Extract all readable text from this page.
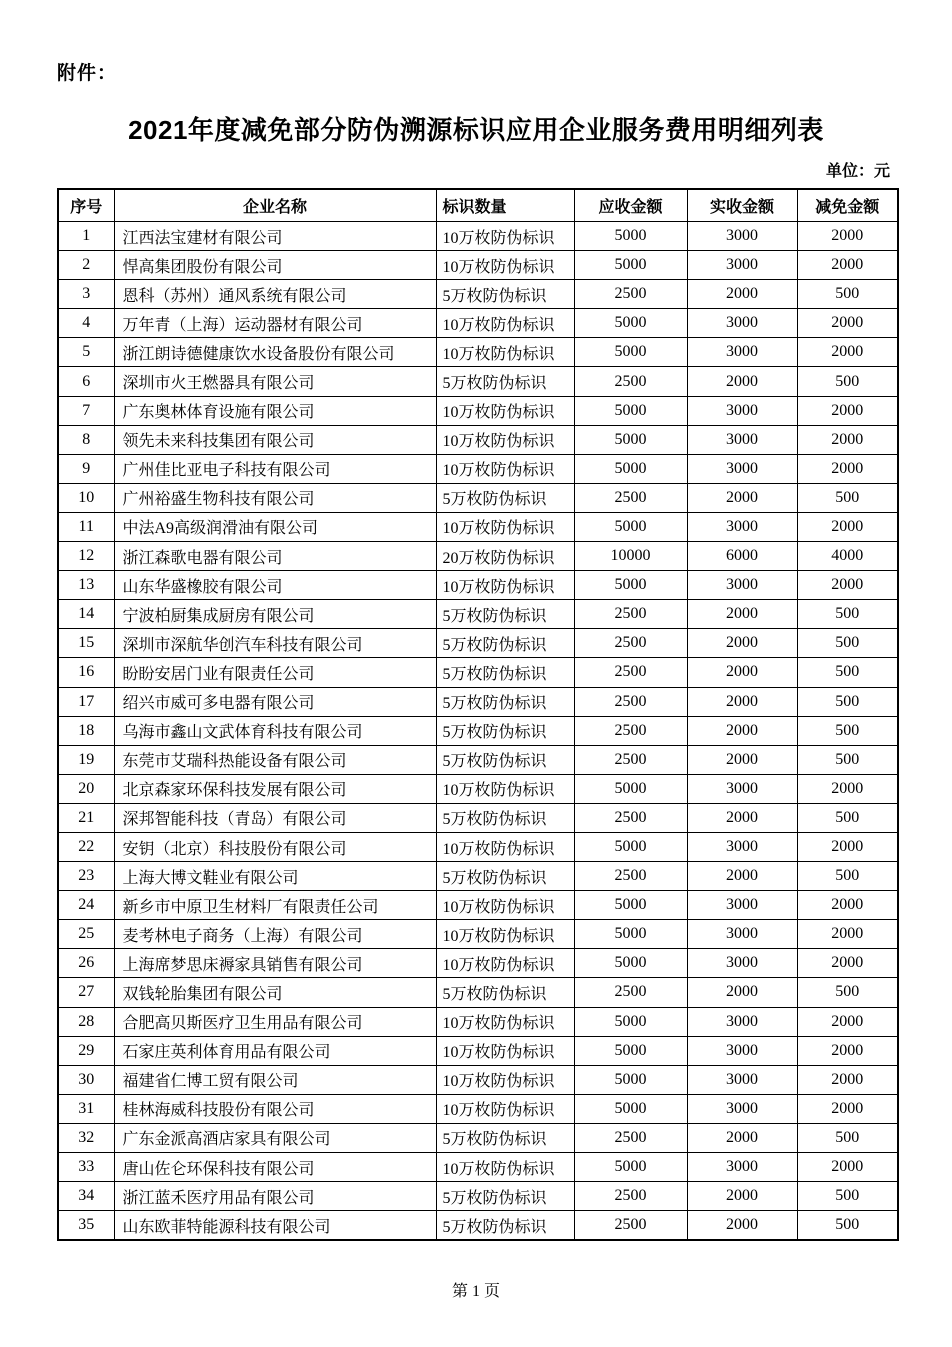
附件：
2021年度减免部分防伪溯源标识应用企业服务费用明细列表
单位：元
序号	企业名称	标识数量	应收金额	实收金额	减免金额
1	江西法宝建材有限公司	10万枚防伪标识	5000	3000	2000
2	悍高集团股份有限公司	10万枚防伪标识	5000	3000	2000
3	恩科（苏州）通风系统有限公司	5万枚防伪标识	2500	2000	500
4	万年青（上海）运动器材有限公司	10万枚防伪标识	5000	3000	2000
5	浙江朗诗德健康饮水设备股份有限公司	10万枚防伪标识	5000	3000	2000
6	深圳市火王燃器具有限公司	5万枚防伪标识	2500	2000	500
7	广东奥林体育设施有限公司	10万枚防伪标识	5000	3000	2000
8	领先未来科技集团有限公司	10万枚防伪标识	5000	3000	2000
9	广州佳比亚电子科技有限公司	10万枚防伪标识	5000	3000	2000
10	广州裕盛生物科技有限公司	5万枚防伪标识	2500	2000	500
11	中法A9高级润滑油有限公司	10万枚防伪标识	5000	3000	2000
12	浙江森歌电器有限公司	20万枚防伪标识	10000	6000	4000
13	山东华盛橡胶有限公司	10万枚防伪标识	5000	3000	2000
14	宁波柏厨集成厨房有限公司	5万枚防伪标识	2500	2000	500
15	深圳市深航华创汽车科技有限公司	5万枚防伪标识	2500	2000	500
16	盼盼安居门业有限责任公司	5万枚防伪标识	2500	2000	500
17	绍兴市威可多电器有限公司	5万枚防伪标识	2500	2000	500
18	乌海市鑫山文武体育科技有限公司	5万枚防伪标识	2500	2000	500
19	东莞市艾瑞科热能设备有限公司	5万枚防伪标识	2500	2000	500
20	北京森家环保科技发展有限公司	10万枚防伪标识	5000	3000	2000
21	深邦智能科技（青岛）有限公司	5万枚防伪标识	2500	2000	500
22	安钥（北京）科技股份有限公司	10万枚防伪标识	5000	3000	2000
23	上海大博文鞋业有限公司	5万枚防伪标识	2500	2000	500
24	新乡市中原卫生材料厂有限责任公司	10万枚防伪标识	5000	3000	2000
25	麦考林电子商务（上海）有限公司	10万枚防伪标识	5000	3000	2000
26	上海席梦思床褥家具销售有限公司	10万枚防伪标识	5000	3000	2000
27	双钱轮胎集团有限公司	5万枚防伪标识	2500	2000	500
28	合肥高贝斯医疗卫生用品有限公司	10万枚防伪标识	5000	3000	2000
29	石家庄英利体育用品有限公司	10万枚防伪标识	5000	3000	2000
30	福建省仁博工贸有限公司	10万枚防伪标识	5000	3000	2000
31	桂林海威科技股份有限公司	10万枚防伪标识	5000	3000	2000
32	广东金派高酒店家具有限公司	5万枚防伪标识	2500	2000	500
33	唐山佐仑环保科技有限公司	10万枚防伪标识	5000	3000	2000
34	浙江蓝禾医疗用品有限公司	5万枚防伪标识	2500	2000	500
35	山东欧菲特能源科技有限公司	5万枚防伪标识	2500	2000	500
第 1 页
